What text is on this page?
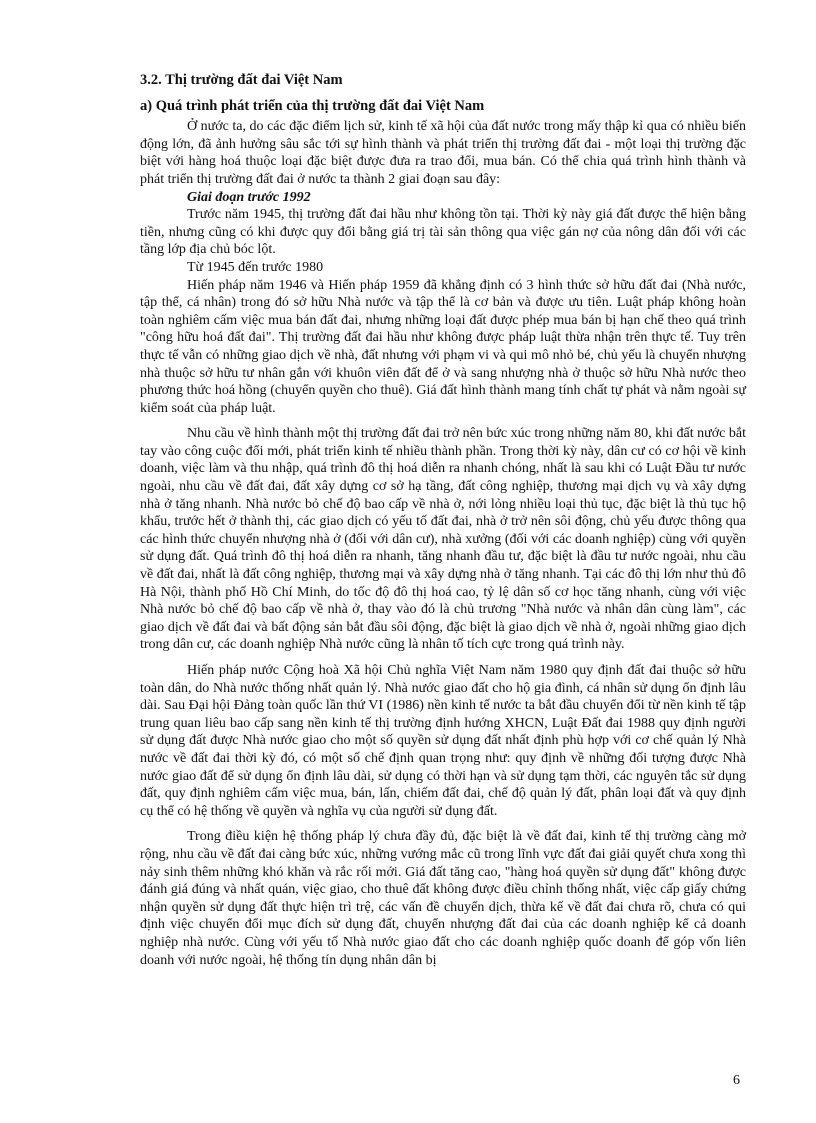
3.2. Thị trường đất đai Việt Nam
a) Quá trình phát triển của thị trường đất đai Việt Nam

Ở nước ta, do các đặc điểm lịch sử, kinh tế xã hội của đất nước trong mấy thập kỉ qua có nhiều biến động lớn, đã ảnh hưởng sâu sắc tới sự hình thành và phát triển thị trường đất đai - một loại thị trường đặc biệt với hàng hoá thuộc loại đặc biệt được đưa ra trao đổi, mua bán. Có thể chia quá trình hình thành và phát triển thị trường đất đai ở nước ta thành 2 giai đoạn sau đây:

Giai đoạn trước 1992

Trước năm 1945, thị trường đất đai hầu như không tồn tại. Thời kỳ này giá đất được thể hiện bằng tiền, nhưng cũng có khi được quy đổi bằng giá trị tài sản thông qua việc gán nợ của nông dân đối với các tầng lớp địa chủ bóc lột.

Từ 1945 đến trước 1980

Hiến pháp năm 1946 và Hiến pháp 1959 đã khẳng định có 3 hình thức sở hữu đất đai (Nhà nước, tập thể, cá nhân) trong đó sở hữu Nhà nước và tập thể là cơ bản và được ưu tiên. Luật pháp không hoàn toàn nghiêm cấm việc mua bán đất đai, nhưng những loại đất được phép mua bán bị hạn chế theo quá trình "công hữu hoá đất đai". Thị trường đất đai hầu như không được pháp luật thừa nhận trên thực tế. Tuy trên thực tế vẫn có những giao dịch về nhà, đất nhưng với phạm vi và qui mô nhỏ bé, chủ yếu là chuyển nhượng nhà thuộc sở hữu tư nhân gắn với khuôn viên đất để ở và sang nhượng nhà ở thuộc sở hữu Nhà nước theo phương thức hoá hồng (chuyển quyền cho thuê). Giá đất hình thành mang tính chất tự phát và nằm ngoài sự kiểm soát của pháp luật.

Nhu cầu về hình thành một thị trường đất đai trở nên bức xúc trong những năm 80, khi đất nước bắt tay vào công cuộc đổi mới, phát triển kinh tế nhiều thành phần. Trong thời kỳ này, dân cư có cơ hội về kinh doanh, việc làm và thu nhập, quá trình đô thị hoá diễn ra nhanh chóng, nhất là sau khi có Luật Đầu tư nước ngoài, nhu cầu về đất đai, đất xây dựng cơ sở hạ tầng, đất công nghiệp, thương mại dịch vụ và xây dựng nhà ở tăng nhanh. Nhà nước bỏ chế độ bao cấp về nhà ở, nới lỏng nhiều loại thủ tục, đặc biệt là thủ tục hộ khẩu, trước hết ở thành thị, các giao dịch có yếu tố đất đai, nhà ở trở nên sôi động, chủ yếu được thông qua các hình thức chuyển nhượng nhà ở (đối với dân cư), nhà xưởng (đối với các doanh nghiệp) cùng với quyền sử dụng đất. Quá trình đô thị hoá diễn ra nhanh, tăng nhanh đầu tư, đặc biệt là đầu tư nước ngoài, nhu cầu về đất đai, nhất là đất công nghiệp, thương mại và xây dựng nhà ở tăng nhanh. Tại các đô thị lớn như thủ đô Hà Nội, thành phố Hồ Chí Minh, do tốc độ đô thị hoá cao, tỷ lệ dân số cơ học tăng nhanh, cùng với việc Nhà nước bỏ chế độ bao cấp về nhà ở, thay vào đó là chủ trương "Nhà nước và nhân dân cùng làm", các giao dịch về đất đai và bất động sản bắt đầu sôi động, đặc biệt là giao dịch về nhà ở, ngoài những giao dịch trong dân cư, các doanh nghiệp Nhà nước cũng là nhân tố tích cực trong quá trình này.

Hiến pháp nước Cộng hoà Xã hội Chủ nghĩa Việt Nam năm 1980 quy định đất đai thuộc sở hữu toàn dân, do Nhà nước thống nhất quản lý. Nhà nước giao đất cho hộ gia đình, cá nhân sử dụng ổn định lâu dài. Sau Đại hội Đảng toàn quốc lần thứ VI (1986) nền kinh tế nước ta bắt đầu chuyển đổi từ nền kinh tế tập trung quan liêu bao cấp sang nền kinh tế thị trường định hướng XHCN, Luật Đất đai 1988 quy định người sử dụng đất được Nhà nước giao cho một số quyền sử dụng đất nhất định phù hợp với cơ chế quản lý Nhà nước về đất đai thời kỳ đó, có một số chế định quan trọng như: quy định về những đối tượng được Nhà nước giao đất để sử dụng ổn định lâu dài, sử dụng có thời hạn và sử dụng tạm thời, các nguyên tắc sử dụng đất, quy định nghiêm cấm việc mua, bán, lấn, chiếm đất đai, chế độ quản lý đất, phân loại đất và quy định cụ thể có hệ thống về quyền và nghĩa vụ của người sử dụng đất.

Trong điều kiện hệ thống pháp lý chưa đầy đủ, đặc biệt là về đất đai, kinh tế thị trường càng mở rộng, nhu cầu về đất đai càng bức xúc, những vướng mắc cũ trong lĩnh vực đất đai giải quyết chưa xong thì nảy sinh thêm những khó khăn và rắc rối mới. Giá đất tăng cao, "hàng hoá quyền sử dụng đất" không được đánh giá đúng và nhất quán, việc giao, cho thuê đất không được điều chỉnh thống nhất, việc cấp giấy chứng nhận quyền sử dụng đất thực hiện trì trệ, các vấn đề chuyển dịch, thừa kế về đất đai chưa rõ, chưa có qui định việc chuyển đổi mục đích sử dụng đất, chuyển nhượng đất đai của các doanh nghiệp kể cả doanh nghiệp nhà nước. Cùng với yếu tố Nhà nước giao đất cho các doanh nghiệp quốc doanh để góp vốn liên doanh với nước ngoài, hệ thống tín dụng nhân dân bị

6
